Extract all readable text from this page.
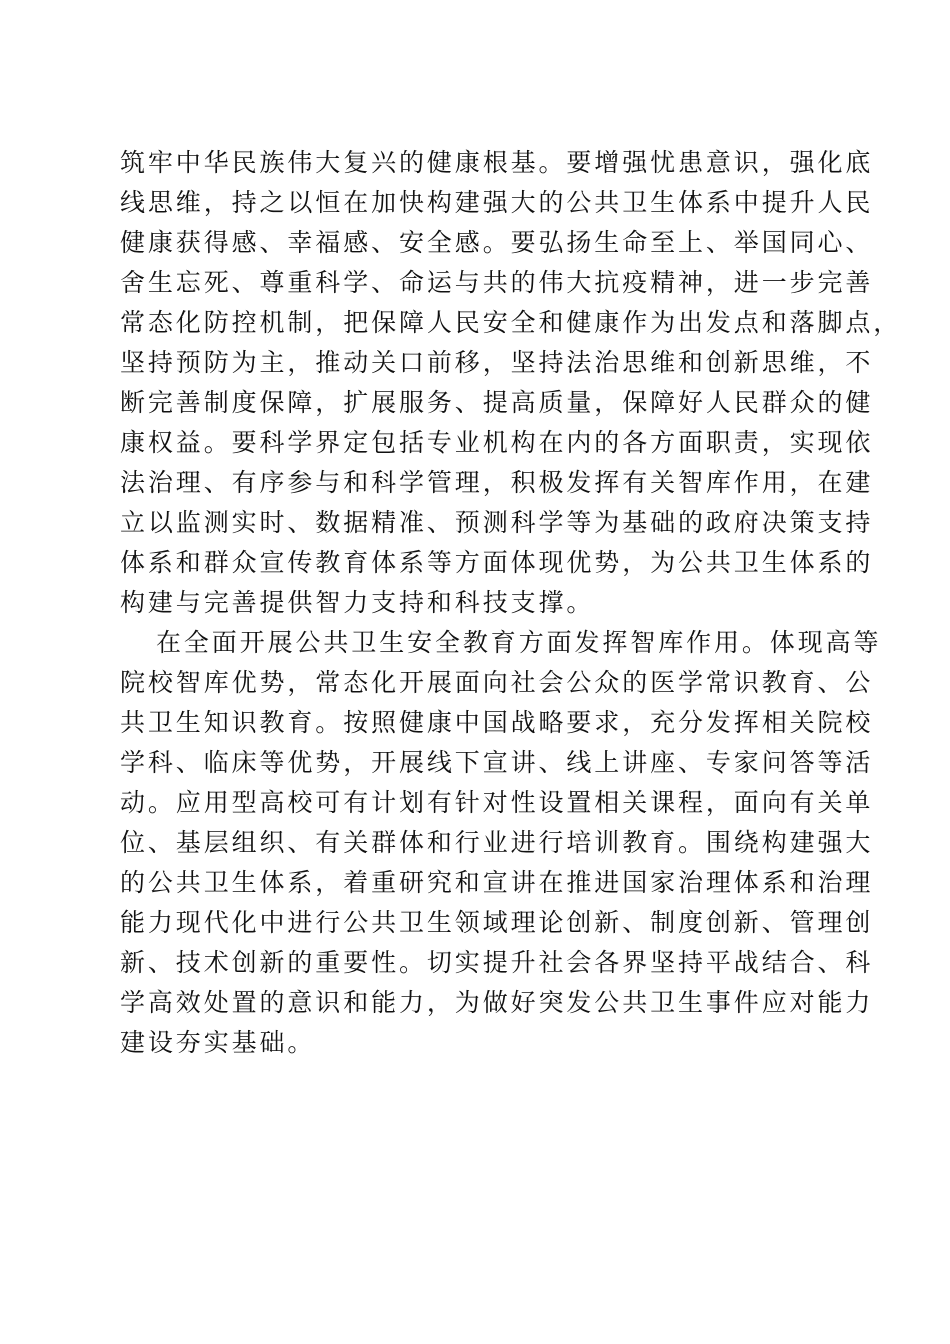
筑牢中华民族伟大复兴的健康根基。要增强忧患意识，强化底
线思维，持之以恒在加快构建强大的公共卫生体系中提升人民
健康获得感、幸福感、安全感。要弘扬生命至上、举国同心、
舍生忘死、尊重科学、命运与共的伟大抗疫精神，进一步完善
常态化防控机制，把保障人民安全和健康作为出发点和落脚点，
坚持预防为主，推动关口前移，坚持法治思维和创新思维，不
断完善制度保障，扩展服务、提高质量，保障好人民群众的健
康权益。要科学界定包括专业机构在内的各方面职责，实现依
法治理、有序参与和科学管理，积极发挥有关智库作用，在建
立以监测实时、数据精准、预测科学等为基础的政府决策支持
体系和群众宣传教育体系等方面体现优势，为公共卫生体系的
构建与完善提供智力支持和科技支撑。
在全面开展公共卫生安全教育方面发挥智库作用。体现高等
院校智库优势，常态化开展面向社会公众的医学常识教育、公
共卫生知识教育。按照健康中国战略要求，充分发挥相关院校
学科、临床等优势，开展线下宣讲、线上讲座、专家问答等活
动。应用型高校可有计划有针对性设置相关课程，面向有关单
位、基层组织、有关群体和行业进行培训教育。围绕构建强大
的公共卫生体系，着重研究和宣讲在推进国家治理体系和治理
能力现代化中进行公共卫生领域理论创新、制度创新、管理创
新、技术创新的重要性。切实提升社会各界坚持平战结合、科
学高效处置的意识和能力，为做好突发公共卫生事件应对能力
建设夯实基础。
